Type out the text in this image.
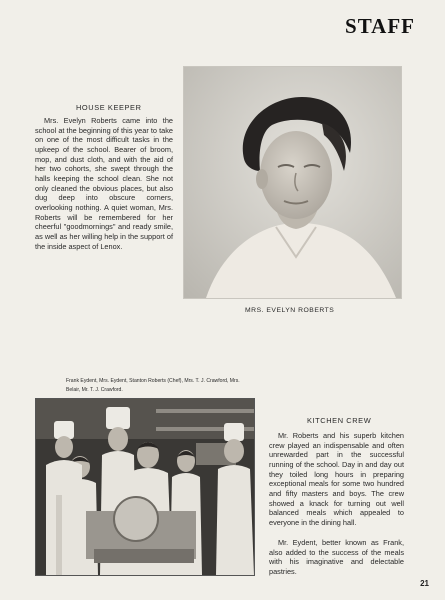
STAFF
HOUSE KEEPER
Mrs. Evelyn Roberts came into the school at the beginning of this year to take on one of the most difficult tasks in the upkeep of the school. Bearer of broom, mop, and dust cloth, and with the aid of her two cohorts, she swept through the halls keeping the school clean. She not only cleaned the obvious places, but also dug deep into obscure corners, overlooking nothing. A quiet woman, Mrs. Roberts will be remembered for her cheerful "goodmornings" and ready smile, as well as her willing help in the support of the inside aspect of Lenox.
MRS. EVELYN ROBERTS
Frank Eydent, Mrs. Eydent, Stanton Roberts (Chef), Mrs. T. J. Crawford, Mrs. Belair, Mr. T. J. Crawford.
KITCHEN CREW
Mr. Roberts and his superb kitchen crew played an indispensable and often unrewarded part in the successful running of the school. Day in and day out they toiled long hours in preparing exceptional meals for some two hundred and fifty masters and boys. The crew showed a knack for turning out well balanced meals which appealed to everyone in the dining hall.
Mr. Eydent, better known as Frank, also added to the success of the meals with his imaginative and delectable pastries.
21
